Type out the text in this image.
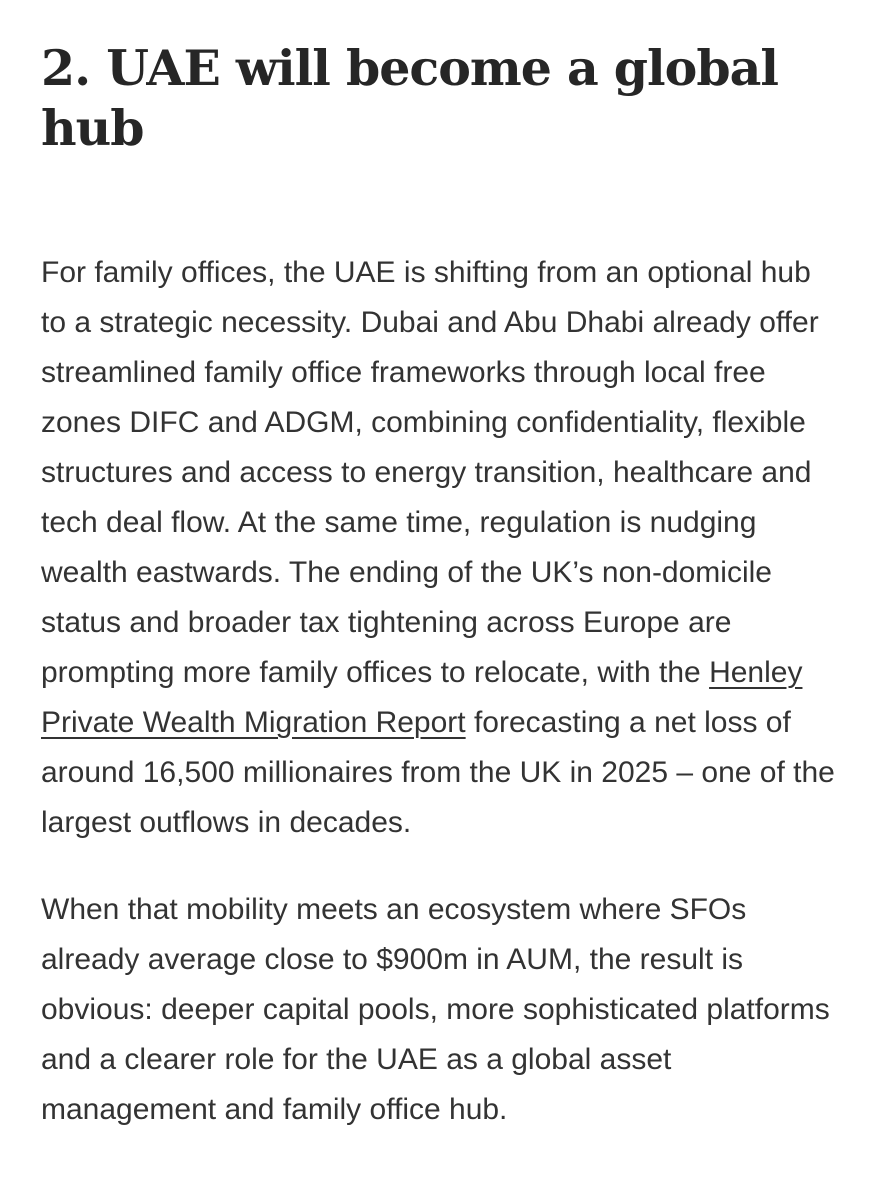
2. UAE will become a global hub

For family offices, the UAE is shifting from an optional hub to a strategic necessity. Dubai and Abu Dhabi already offer streamlined family office frameworks through local free zones DIFC and ADGM, combining confidentiality, flexible structures and access to energy transition, healthcare and tech deal flow. At the same time, regulation is nudging wealth eastwards. The ending of the UK’s non-domicile status and broader tax tightening across Europe are prompting more family offices to relocate, with the Henley Private Wealth Migration Report forecasting a net loss of around 16,500 millionaires from the UK in 2025 – one of the largest outflows in decades.

When that mobility meets an ecosystem where SFOs already average close to $900m in AUM, the result is obvious: deeper capital pools, more sophisticated platforms and a clearer role for the UAE as a global asset management and family office hub.
